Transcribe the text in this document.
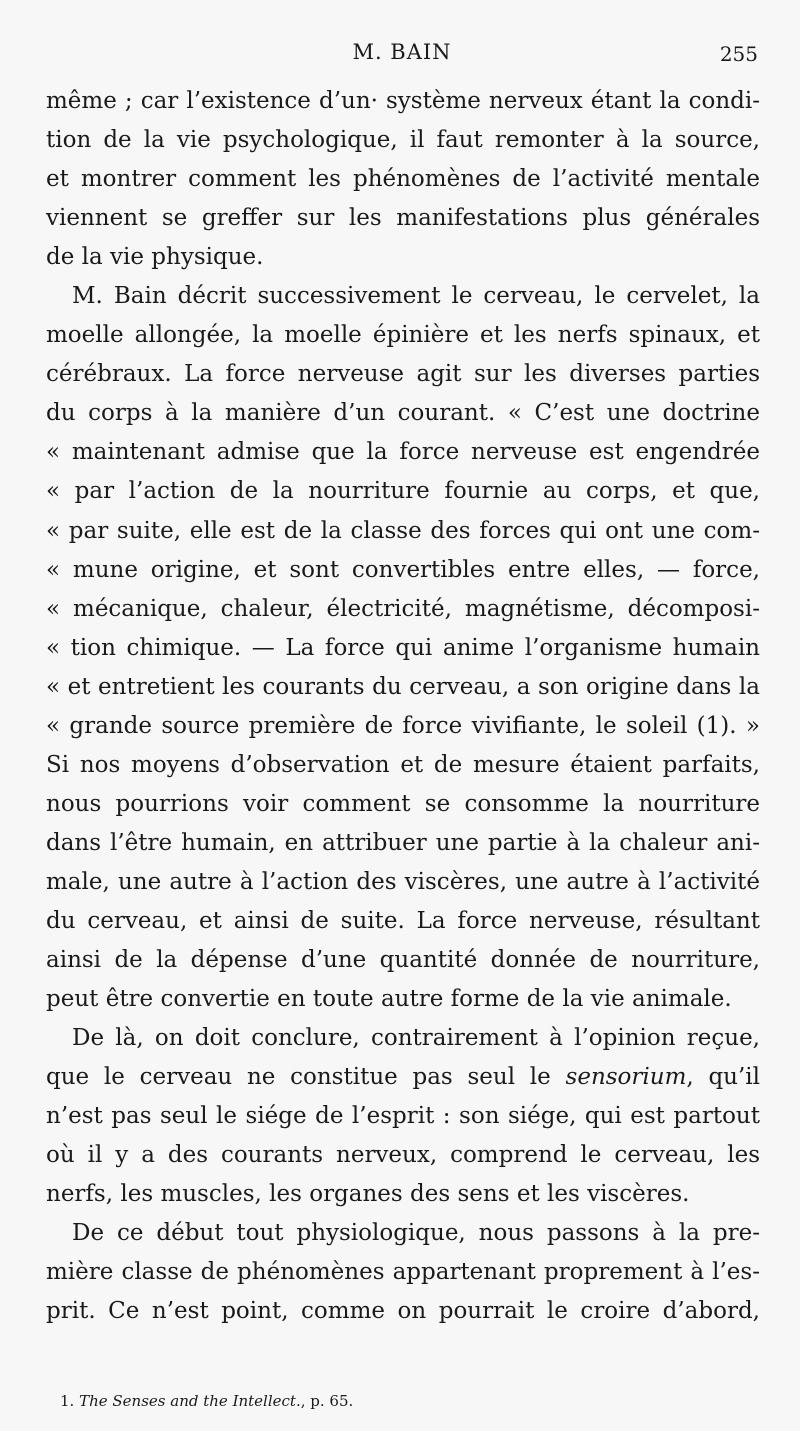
M. BAIN	255
même ; car l’existence d’un· système nerveux étant la condi-
tion de la vie psychologique, il faut remonter à la source,
et montrer comment les phénomènes de l’activité mentale
viennent se greffer sur les manifestations plus générales
de la vie physique.
M. Bain décrit successivement le cerveau, le cervelet, la
moelle allongée, la moelle épinière et les nerfs spinaux, et
cérébraux. La force nerveuse agit sur les diverses parties
du corps à la manière d’un courant. « C’est une doctrine
« maintenant admise que la force nerveuse est engendrée
« par l’action de la nourriture fournie au corps, et que,
« par suite, elle est de la classe des forces qui ont une com-
« mune origine, et sont convertibles entre elles, — force,
« mécanique, chaleur, électricité, magnétisme, décomposi-
« tion chimique. — La force qui anime l’organisme humain
« et entretient les courants du cerveau, a son origine dans la
« grande source première de force vivifiante, le soleil (1). »
Si nos moyens d’observation et de mesure étaient parfaits,
nous pourrions voir comment se consomme la nourriture
dans l’être humain, en attribuer une partie à la chaleur ani-
male, une autre à l’action des viscères, une autre à l’activité
du cerveau, et ainsi de suite. La force nerveuse, résultant
ainsi de la dépense d’une quantité donnée de nourriture,
peut être convertie en toute autre forme de la vie animale.
De là, on doit conclure, contrairement à l’opinion reçue,
que le cerveau ne constitue pas seul le sensorium, qu’il
n’est pas seul le siége de l’esprit : son siége, qui est partout
où il y a des courants nerveux, comprend le cerveau, les
nerfs, les muscles, les organes des sens et les viscères.
De ce début tout physiologique, nous passons à la pre-
mière classe de phénomènes appartenant proprement à l’es-
prit. Ce n’est point, comme on pourrait le croire d’abord,
1. The Senses and the Intellect., p. 65.
